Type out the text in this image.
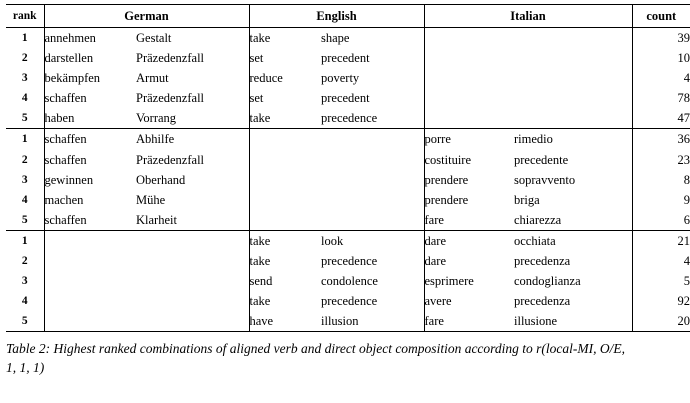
rank	German		English		Italian		count
1	annehmen	Gestalt	take	shape			39
2	darstellen	Präzedenzfall	set	precedent			10
3	bekämpfen	Armut	reduce	poverty			4
4	schaffen	Präzedenzfall	set	precedent			78
5	haben	Vorrang	take	precedence			47
1	schaffen	Abhilfe			porre	rimedio	36
2	schaffen	Präzedenzfall			costituire	precedente	23
3	gewinnen	Oberhand			prendere	sopravvento	8
4	machen	Mühe			prendere	briga	9
5	schaffen	Klarheit			fare	chiarezza	6
1			take	look	dare	occhiata	21
2			take	precedence	dare	precedenza	4
3			send	condolence	esprimere	condoglianza	5
4			take	precedence	avere	precedenza	92
5			have	illusion	fare	illusione	20
Table 2: Highest ranked combinations of aligned verb and direct object composition according to r(local-MI, O/E, 1, 1, 1)
